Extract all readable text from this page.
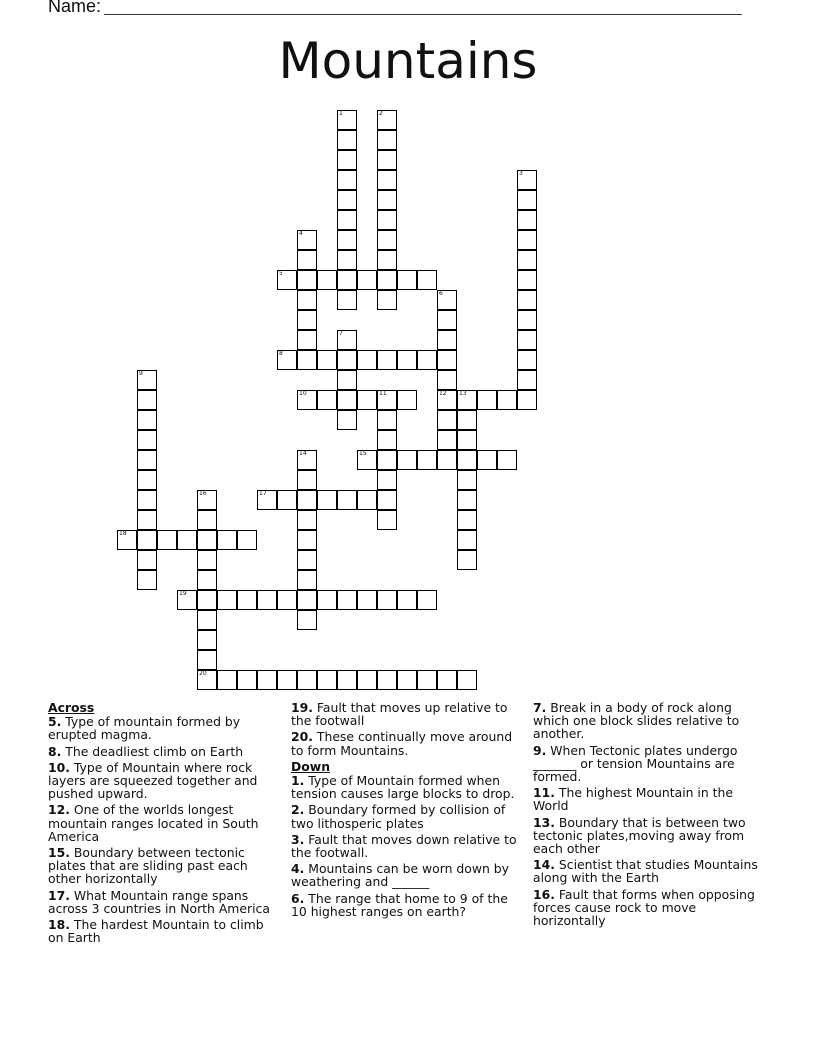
Name:
Mountains
1	2
3
4
5
6
7
8
9
10	11	12 13
14	15
16	17
18
19
20
Across
5. Type of mountain formed by erupted magma.
8. The deadliest climb on Earth
10. Type of Mountain where rock layers are squeezed together and pushed upward.
12. One of the worlds longest mountain ranges located in South America
15. Boundary between tectonic plates that are sliding past each other horizontally
17. What Mountain range spans across 3 countries in North America
18. The hardest Mountain to climb on Earth
19. Fault that moves up relative to the footwall
20. These continually move around to form Mountains.
Down
1. Type of Mountain formed when tension causes large blocks to drop.
2. Boundary formed by collision of two lithosperic plates
3. Fault that moves down relative to the footwall.
4. Mountains can be worn down by weathering and ______
6. The range that home to 9 of the 10 highest ranges on earth?
7. Break in a body of rock along which one block slides relative to another.
9. When Tectonic plates undergo _______ or tension Mountains are formed.
11. The highest Mountain in the World
13. Boundary that is between two tectonic plates,moving away from each other
14. Scientist that studies Mountains along with the Earth
16. Fault that forms when opposing forces cause rock to move horizontally
